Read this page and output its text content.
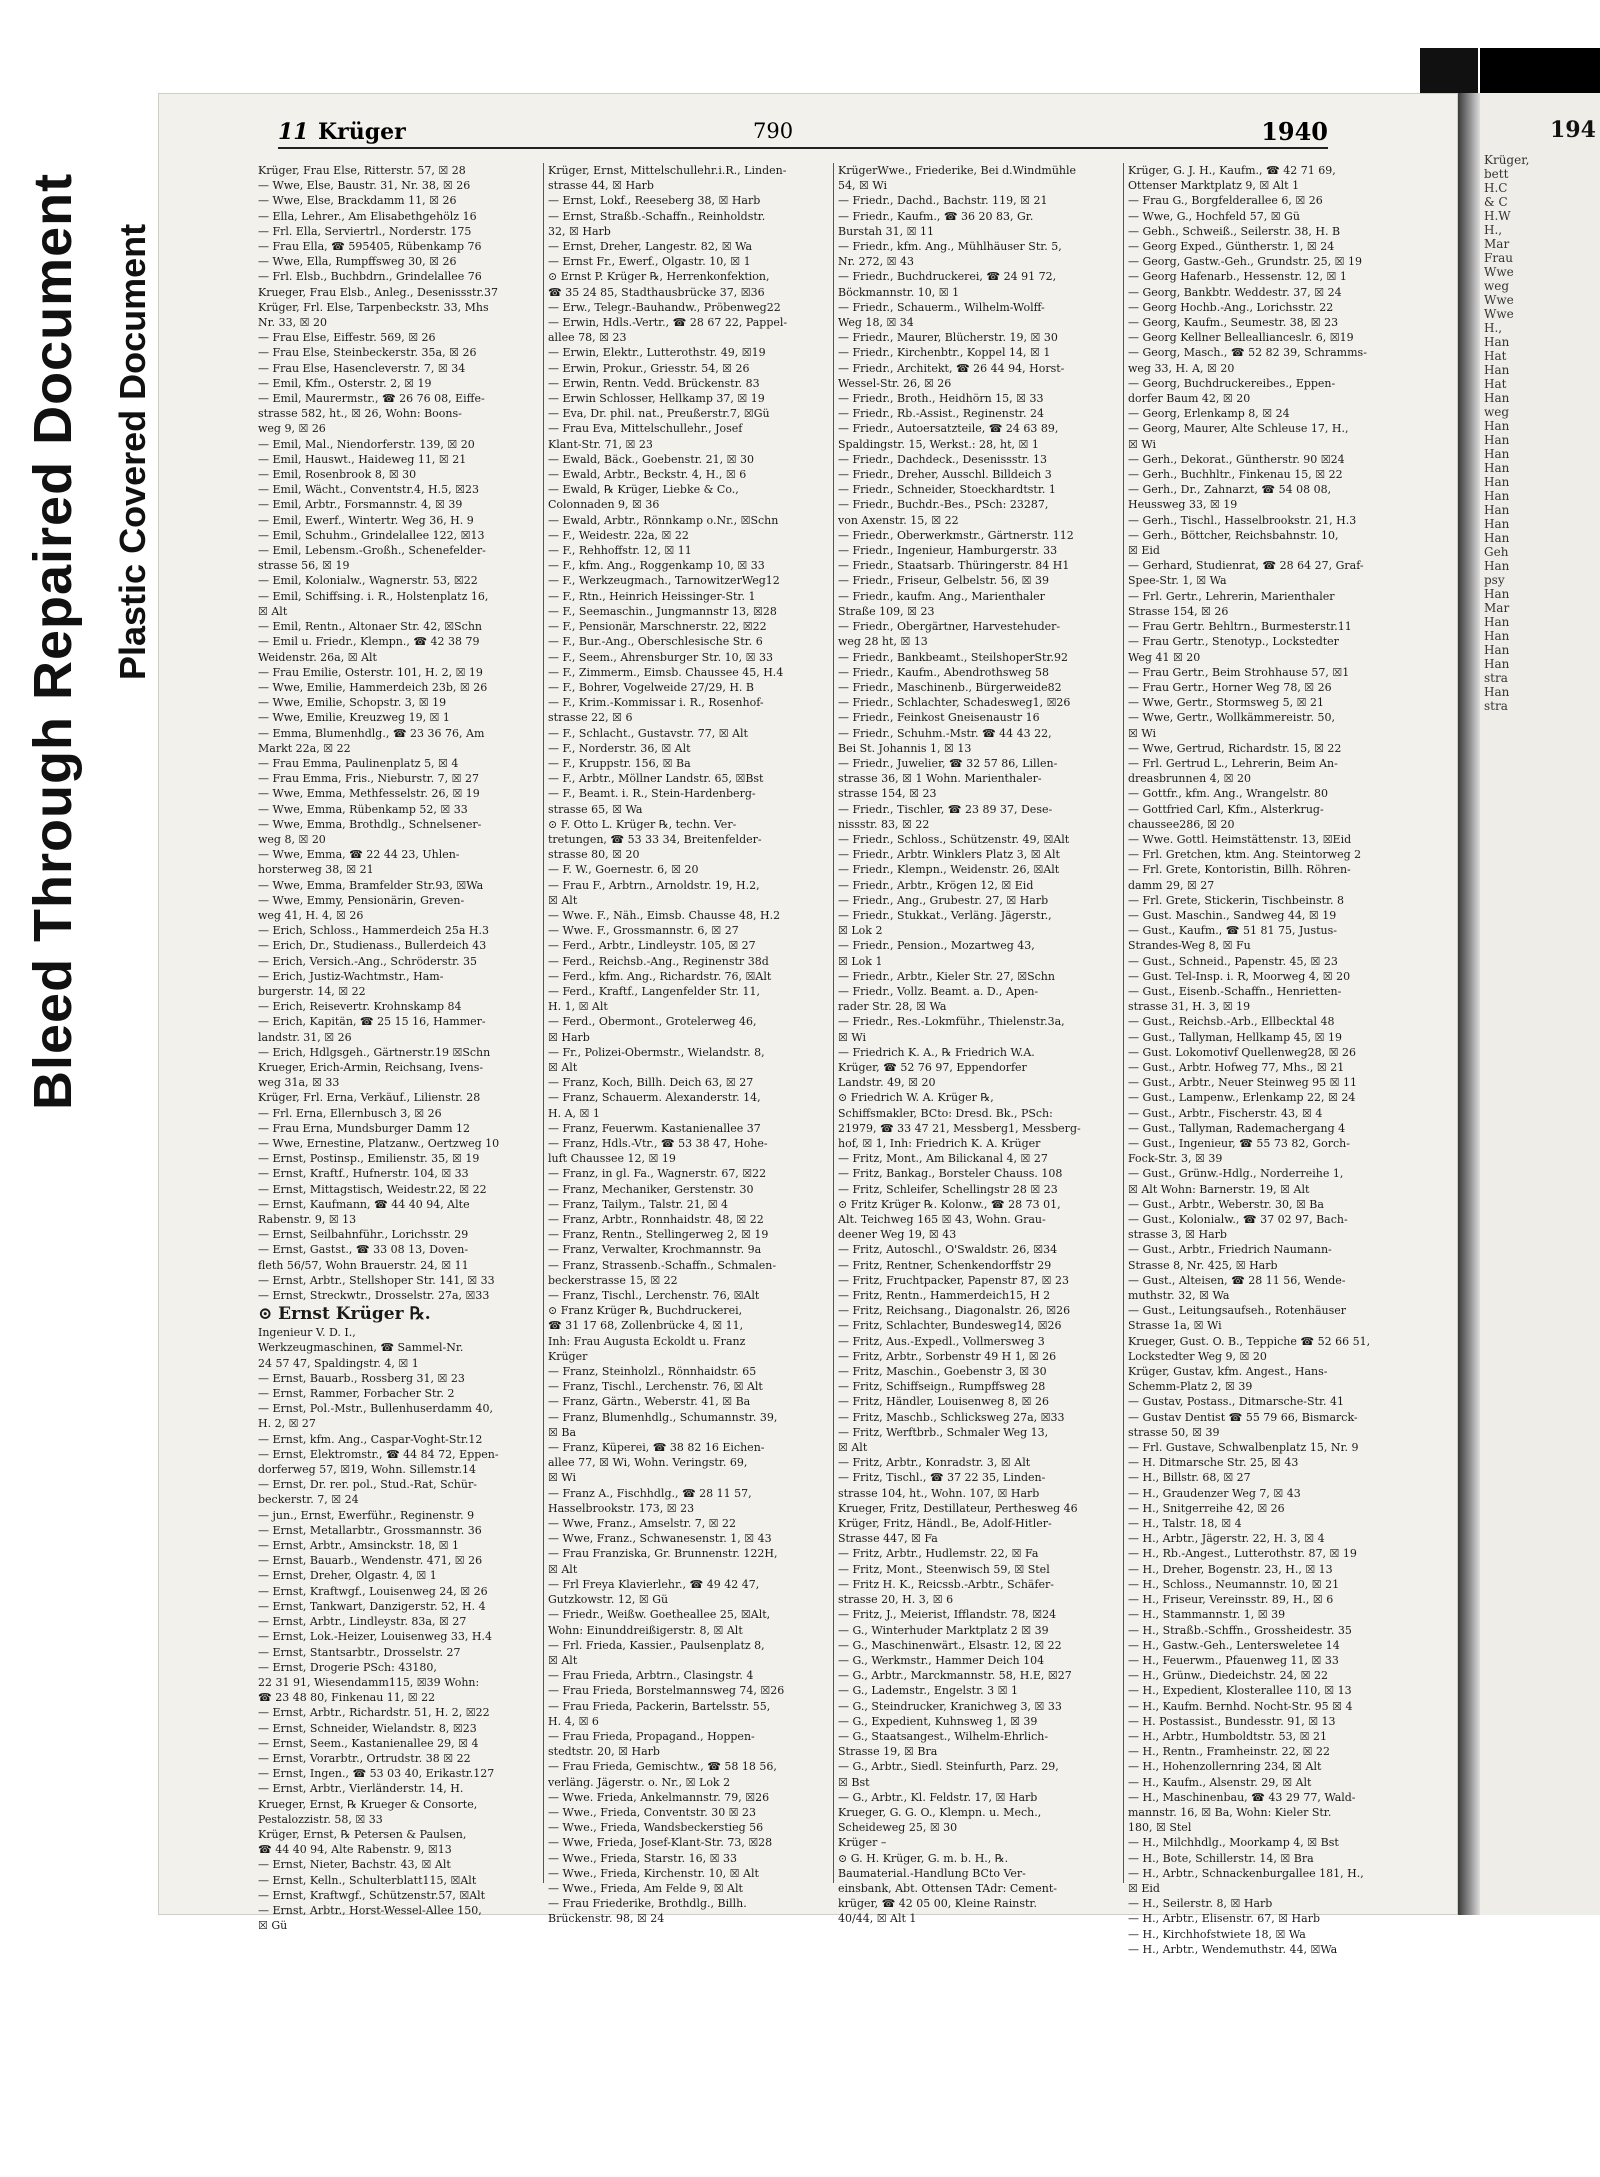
Bleed Through Repaired Document Plastic Covered Document
11 Krüger	790	1940
Krüger, Frau Else, Ritterstr. 57, ☒ 28
— Wwe, Else, Baustr. 31, Nr. 38, ☒ 26
— Wwe, Else, Brackdamm 11, ☒ 26
— Ella, Lehrer., Am Elisabethgehölz 16
— Frl. Ella, Serviertrl., Norderstr. 175
— Frau Ella, ☎ 595405, Rübenkamp 76
— Wwe, Ella, Rumpffsweg 30, ☒ 26
— Frl. Elsb., Buchbdrn., Grindelallee 76
Krueger, Frau Elsb., Anleg., Desenissstr.37
Krüger, Frl. Else, Tarpenbeckstr. 33, Mhs
Nr. 33, ☒ 20
— Frau Else, Eiffestr. 569, ☒ 26
— Frau Else, Steinbeckerstr. 35a, ☒ 26
— Frau Else, Hasencleverstr. 7, ☒ 34
— Emil, Kfm., Osterstr. 2, ☒ 19
— Emil, Maurermstr., ☎ 26 76 08, Eiffe-
strasse 582, ht., ☒ 26, Wohn: Boons-
weg 9, ☒ 26
— Emil, Mal., Niendorferstr. 139, ☒ 20
— Emil, Hauswt., Haideweg 11, ☒ 21
— Emil, Rosenbrook 8, ☒ 30
— Emil, Wächt., Conventstr.4, H.5, ☒23
— Emil, Arbtr., Forsmannstr. 4, ☒ 39
— Emil, Ewerf., Wintertr. Weg 36, H. 9
— Emil, Schuhm., Grindelallee 122, ☒13
— Emil, Lebensm.-Großh., Schenefelder-
strasse 56, ☒ 19
— Emil, Kolonialw., Wagnerstr. 53, ☒22
— Emil, Schiffsing. i. R., Holstenplatz 16,
☒ Alt
— Emil, Rentn., Altonaer Str. 42, ☒Schn
— Emil u. Friedr., Klempn., ☎ 42 38 79
Weidenstr. 26a, ☒ Alt
— Frau Emilie, Osterstr. 101, H. 2, ☒ 19
— Wwe, Emilie, Hammerdeich 23b, ☒ 26
— Wwe, Emilie, Schopstr. 3, ☒ 19
— Wwe, Emilie, Kreuzweg 19, ☒ 1
— Emma, Blumenhdlg., ☎ 23 36 76, Am
Markt 22a, ☒ 22
— Frau Emma, Paulinenplatz 5, ☒ 4
— Frau Emma, Fris., Nieburstr. 7, ☒ 27
— Wwe, Emma, Methfesselstr. 26, ☒ 19
— Wwe, Emma, Rübenkamp 52, ☒ 33
— Wwe, Emma, Brothdlg., Schnelsener-
weg 8, ☒ 20
— Wwe, Emma, ☎ 22 44 23, Uhlen-
horsterweg 38, ☒ 21
— Wwe, Emma, Bramfelder Str.93, ☒Wa
— Wwe, Emmy, Pensionärin, Greven-
weg 41, H. 4, ☒ 26
— Erich, Schloss., Hammerdeich 25a H.3
— Erich, Dr., Studienass., Bullerdeich 43
— Erich, Versich.-Ang., Schröderstr. 35
— Erich, Justiz-Wachtmstr., Ham-
burgerstr. 14, ☒ 22
— Erich, Reisevertr. Krohnskamp 84
— Erich, Kapitän, ☎ 25 15 16, Hammer-
landstr. 31, ☒ 26
— Erich, Hdlgsgeh., Gärtnerstr.19 ☒Schn
Krueger, Erich-Armin, Reichsang, Ivens-
weg 31a, ☒ 33
Krüger, Frl. Erna, Verkäuf., Lilienstr. 28
— Frl. Erna, Ellernbusch 3, ☒ 26
— Frau Erna, Mundsburger Damm 12
— Wwe, Ernestine, Platzanw., Oertzweg 10
— Ernst, Postinsp., Emilienstr. 35, ☒ 19
— Ernst, Kraftf., Hufnerstr. 104, ☒ 33
— Ernst, Mittagstisch, Weidestr.22, ☒ 22
— Ernst, Kaufmann, ☎ 44 40 94, Alte
Rabenstr. 9, ☒ 13
— Ernst, Seilbahnführ., Lorichsstr. 29
— Ernst, Gastst., ☎ 33 08 13, Doven-
fleth 56/57, Wohn Brauerstr. 24, ☒ 11
— Ernst, Arbtr., Stellshoper Str. 141, ☒ 33
— Ernst, Streckwtr., Drosselstr. 27a, ☒33
⊙ Ernst Krüger ℞.
Ingenieur V. D. I.,
Werkzeugmaschinen, ☎ Sammel-Nr.
24 57 47, Spaldingstr. 4, ☒ 1
— Ernst, Bauarb., Rossberg 31, ☒ 23
— Ernst, Rammer, Forbacher Str. 2
— Ernst, Pol.-Mstr., Bullenhuserdamm 40,
H. 2, ☒ 27
— Ernst, kfm. Ang., Caspar-Voght-Str.12
— Ernst, Elektromstr., ☎ 44 84 72, Eppen-
dorferweg 57, ☒19, Wohn. Sillemstr.14
— Ernst, Dr. rer. pol., Stud.-Rat, Schür-
beckerstr. 7, ☒ 24
— jun., Ernst, Ewerführ., Reginenstr. 9
— Ernst, Metallarbtr., Grossmannstr. 36
— Ernst, Arbtr., Amsinckstr. 18, ☒ 1
— Ernst, Bauarb., Wendenstr. 471, ☒ 26
— Ernst, Dreher, Olgastr. 4, ☒ 1
— Ernst, Kraftwgf., Louisenweg 24, ☒ 26
— Ernst, Tankwart, Danzigerstr. 52, H. 4
— Ernst, Arbtr., Lindleystr. 83a, ☒ 27
— Ernst, Lok.-Heizer, Louisenweg 33, H.4
— Ernst, Stantsarbtr., Drosselstr. 27
— Ernst, Drogerie PSch: 43180,
22 31 91, Wiesendamm115, ☒39 Wohn:
☎ 23 48 80, Finkenau 11, ☒ 22
— Ernst, Arbtr., Richardstr. 51, H. 2, ☒22
— Ernst, Schneider, Wielandstr. 8, ☒23
— Ernst, Seem., Kastanienallee 29, ☒ 4
— Ernst, Vorarbtr., Ortrudstr. 38 ☒ 22
— Ernst, Ingen., ☎ 53 03 40, Erikastr.127
— Ernst, Arbtr., Vierländerstr. 14, H.
Krueger, Ernst, ℞ Krueger & Consorte,
Pestalozzistr. 58, ☒ 33
Krüger, Ernst, ℞ Petersen & Paulsen,
☎ 44 40 94, Alte Rabenstr. 9, ☒13
— Ernst, Nieter, Bachstr. 43, ☒ Alt
— Ernst, Kelln., Schulterblatt115, ☒Alt
— Ernst, Kraftwgf., Schützenstr.57, ☒Alt
— Ernst, Arbtr., Horst-Wessel-Allee 150,
☒ Gü
Krüger, Ernst, Mittelschullehr.i.R., Linden-
strasse 44, ☒ Harb
— Ernst, Lokf., Reeseberg 38, ☒ Harb
— Ernst, Straßb.-Schaffn., Reinholdstr.
32, ☒ Harb
— Ernst, Dreher, Langestr. 82, ☒ Wa
— Ernst Fr., Ewerf., Olgastr. 10, ☒ 1
⊙ Ernst P. Krüger ℞, Herrenkonfektion,
☎ 35 24 85, Stadthausbrücke 37, ☒36
— Erw., Telegr.-Bauhandw., Pröbenweg22
— Erwin, Hdls.-Vertr., ☎ 28 67 22, Pappel-
allee 78, ☒ 23
— Erwin, Elektr., Lutterothstr. 49, ☒19
— Erwin, Prokur., Griesstr. 54, ☒ 26
— Erwin, Rentn. Vedd. Brückenstr. 83
— Erwin Schlosser, Hellkamp 37, ☒ 19
— Eva, Dr. phil. nat., Preußerstr.7, ☒Gü
— Frau Eva, Mittelschullehr., Josef
Klant-Str. 71, ☒ 23
— Ewald, Bäck., Goebenstr. 21, ☒ 30
— Ewald, Arbtr., Beckstr. 4, H., ☒ 6
— Ewald, ℞ Krüger, Liebke & Co.,
Colonnaden 9, ☒ 36
— Ewald, Arbtr., Rönnkamp o.Nr., ☒Schn
— F., Weidestr. 22a, ☒ 22
— F., Rehhoffstr. 12, ☒ 11
— F., kfm. Ang., Roggenkamp 10, ☒ 33
— F., Werkzeugmach., TarnowitzerWeg12
— F., Rtn., Heinrich Heissinger-Str. 1
— F., Seemaschin., Jungmannstr 13, ☒28
— F., Pensionär, Marschnerstr. 22, ☒22
— F., Bur.-Ang., Oberschlesische Str. 6
— F., Seem., Ahrensburger Str. 10, ☒ 33
— F., Zimmerm., Eimsb. Chaussee 45, H.4
— F., Bohrer, Vogelweide 27/29, H. B
— F., Krim.-Kommissar i. R., Rosenhof-
strasse 22, ☒ 6
— F., Schlacht., Gustavstr. 77, ☒ Alt
— F., Norderstr. 36, ☒ Alt
— F., Kruppstr. 156, ☒ Ba
— F., Arbtr., Möllner Landstr. 65, ☒Bst
— F., Beamt. i. R., Stein-Hardenberg-
strasse 65, ☒ Wa
⊙ F. Otto L. Krüger ℞, techn. Ver-
tretungen, ☎ 53 33 34, Breitenfelder-
strasse 80, ☒ 20
— F. W., Goernestr. 6, ☒ 20
— Frau F., Arbtrn., Arnoldstr. 19, H.2,
☒ Alt
— Wwe. F., Näh., Eimsb. Chausse 48, H.2
— Wwe. F., Grossmannstr. 6, ☒ 27
— Ferd., Arbtr., Lindleystr. 105, ☒ 27
— Ferd., Reichsb.-Ang., Reginenstr 38d
— Ferd., kfm. Ang., Richardstr. 76, ☒Alt
— Ferd., Kraftf., Langenfelder Str. 11,
H. 1, ☒ Alt
— Ferd., Obermont., Grotelerweg 46,
☒ Harb
— Fr., Polizei-Obermstr., Wielandstr. 8,
☒ Alt
— Franz, Koch, Billh. Deich 63, ☒ 27
— Franz, Schauerm. Alexanderstr. 14,
H. A, ☒ 1
— Franz, Feuerwm. Kastanienallee 37
— Franz, Hdls.-Vtr., ☎ 53 38 47, Hohe-
luft Chaussee 12, ☒ 19
— Franz, in gl. Fa., Wagnerstr. 67, ☒22
— Franz, Mechaniker, Gerstenstr. 30
— Franz, Tailym., Talstr. 21, ☒ 4
— Franz, Arbtr., Ronnhaidstr. 48, ☒ 22
— Franz, Rentn., Stellingerweg 2, ☒ 19
— Franz, Verwalter, Krochmannstr. 9a
— Franz, Strassenb.-Schaffn., Schmalen-
beckerstrasse 15, ☒ 22
— Franz, Tischl., Lerchenstr. 76, ☒Alt
⊙ Franz Krüger ℞, Buchdruckerei,
☎ 31 17 68, Zollenbrücke 4, ☒ 11,
Inh: Frau Augusta Eckoldt u. Franz
Krüger
— Franz, Steinholzl., Rönnhaidstr. 65
— Franz, Tischl., Lerchenstr. 76, ☒ Alt
— Franz, Gärtn., Weberstr. 41, ☒ Ba
— Franz, Blumenhdlg., Schumannstr. 39,
☒ Ba
— Franz, Küperei, ☎ 38 82 16 Eichen-
allee 77, ☒ Wi, Wohn. Veringstr. 69,
☒ Wi
— Franz A., Fischhdlg., ☎ 28 11 57,
Hasselbrookstr. 173, ☒ 23
— Wwe, Franz., Amselstr. 7, ☒ 22
— Wwe, Franz., Schwanesenstr. 1, ☒ 43
— Frau Franziska, Gr. Brunnenstr. 122H,
☒ Alt
— Frl Freya Klavierlehr., ☎ 49 42 47,
Gutzkowstr. 12, ☒ Gü
— Friedr., Weißw. Goetheallee 25, ☒Alt,
Wohn: Einunddreißigerstr. 8, ☒ Alt
— Frl. Frieda, Kassier., Paulsenplatz 8,
☒ Alt
— Frau Frieda, Arbtrn., Clasingstr. 4
— Frau Frieda, Borstelmannsweg 74, ☒26
— Frau Frieda, Packerin, Bartelsstr. 55,
H. 4, ☒ 6
— Frau Frieda, Propagand., Hoppen-
stedtstr. 20, ☒ Harb
— Frau Frieda, Gemischtw., ☎ 58 18 56,
verläng. Jägerstr. o. Nr., ☒ Lok 2
— Wwe. Frieda, Ankelmannstr. 79, ☒26
— Wwe., Frieda, Conventstr. 30 ☒ 23
— Wwe., Frieda, Wandsbeckerstieg 56
— Wwe, Frieda, Josef-Klant-Str. 73, ☒28
— Wwe., Frieda, Starstr. 16, ☒ 33
— Wwe., Frieda, Kirchenstr. 10, ☒ Alt
— Wwe., Frieda, Am Felde 9, ☒ Alt
— Frau Friederike, Brothdlg., Billh.
Brückenstr. 98, ☒ 24
KrügerWwe., Friederike, Bei d.Windmühle
54, ☒ Wi
— Friedr., Dachd., Bachstr. 119, ☒ 21
— Friedr., Kaufm., ☎ 36 20 83, Gr.
Burstah 31, ☒ 11
— Friedr., kfm. Ang., Mühlhäuser Str. 5,
Nr. 272, ☒ 43
— Friedr., Buchdruckerei, ☎ 24 91 72,
Böckmannstr. 10, ☒ 1
— Friedr., Schauerm., Wilhelm-Wolff-
Weg 18, ☒ 34
— Friedr., Maurer, Blücherstr. 19, ☒ 30
— Friedr., Kirchenbtr., Koppel 14, ☒ 1
— Friedr., Architekt, ☎ 26 44 94, Horst-
Wessel-Str. 26, ☒ 26
— Friedr., Broth., Heidhörn 15, ☒ 33
— Friedr., Rb.-Assist., Reginenstr. 24
— Friedr., Autoersatzteile, ☎ 24 63 89,
Spaldingstr. 15, Werkst.: 28, ht, ☒ 1
— Friedr., Dachdeck., Desenissstr. 13
— Friedr., Dreher, Ausschl. Billdeich 3
— Friedr., Schneider, Stoeckhardtstr. 1
— Friedr., Buchdr.-Bes., PSch: 23287,
von Axenstr. 15, ☒ 22
— Friedr., Oberwerkmstr., Gärtnerstr. 112
— Friedr., Ingenieur, Hamburgerstr. 33
— Friedr., Staatsarb. Thüringerstr. 84 H1
— Friedr., Friseur, Gelbelstr. 56, ☒ 39
— Friedr., kaufm. Ang., Marienthaler
Straße 109, ☒ 23
— Friedr., Obergärtner, Harvestehuder-
weg 28 ht, ☒ 13
— Friedr., Bankbeamt., SteilshoperStr.92
— Friedr., Kaufm., Abendrothsweg 58
— Friedr., Maschinenb., Bürgerweide82
— Friedr., Schlachter, Schadesweg1, ☒26
— Friedr., Feinkost Gneisenaustr 16
— Friedr., Schuhm.-Mstr. ☎ 44 43 22,
Bei St. Johannis 1, ☒ 13
— Friedr., Juwelier, ☎ 32 57 86, Lillen-
strasse 36, ☒ 1 Wohn. Marienthaler-
strasse 154, ☒ 23
— Friedr., Tischler, ☎ 23 89 37, Dese-
nissstr. 83, ☒ 22
— Friedr., Schloss., Schützenstr. 49, ☒Alt
— Friedr., Arbtr. Winklers Platz 3, ☒ Alt
— Friedr., Klempn., Weidenstr. 26, ☒Alt
— Friedr., Arbtr., Krögen 12, ☒ Eid
— Friedr., Ang., Grubestr. 27, ☒ Harb
— Friedr., Stukkat., Verläng. Jägerstr.,
☒ Lok 2
— Friedr., Pension., Mozartweg 43,
☒ Lok 1
— Friedr., Arbtr., Kieler Str. 27, ☒Schn
— Friedr., Vollz. Beamt. a. D., Apen-
rader Str. 28, ☒ Wa
— Friedr., Res.-Lokmführ., Thielenstr.3a,
☒ Wi
— Friedrich K. A., ℞ Friedrich W.A.
Krüger, ☎ 52 76 97, Eppendorfer
Landstr. 49, ☒ 20
⊙ Friedrich W. A. Krüger ℞,
Schiffsmakler, BCto: Dresd. Bk., PSch:
21979, ☎ 33 47 21, Messberg1, Messberg-
hof, ☒ 1, Inh: Friedrich K. A. Krüger
— Fritz, Mont., Am Bilickanal 4, ☒ 27
— Fritz, Bankag., Borsteler Chauss. 108
— Fritz, Schleifer, Schellingstr 28 ☒ 23
⊙ Fritz Krüger ℞. Kolonw., ☎ 28 73 01,
Alt. Teichweg 165 ☒ 43, Wohn. Grau-
deener Weg 19, ☒ 43
— Fritz, Autoschl., O'Swaldstr. 26, ☒34
— Fritz, Rentner, Schenkendorffstr 29
— Fritz, Fruchtpacker, Papenstr 87, ☒ 23
— Fritz, Rentn., Hammerdeich15, H 2
— Fritz, Reichsang., Diagonalstr. 26, ☒26
— Fritz, Schlachter, Bundesweg14, ☒26
— Fritz, Aus.-Expedl., Vollmersweg 3
— Fritz, Arbtr., Sorbenstr 49 H 1, ☒ 26
— Fritz, Maschin., Goebenstr 3, ☒ 30
— Fritz, Schiffseign., Rumpffsweg 28
— Fritz, Händler, Louisenweg 8, ☒ 26
— Fritz, Maschb., Schlicksweg 27a, ☒33
— Fritz, Werftbrb., Schmaler Weg 13,
☒ Alt
— Fritz, Arbtr., Konradstr. 3, ☒ Alt
— Fritz, Tischl., ☎ 37 22 35, Linden-
strasse 104, ht., Wohn. 107, ☒ Harb
Krueger, Fritz, Destillateur, Perthesweg 46
Krüger, Fritz, Händl., Be, Adolf-Hitler-
Strasse 447, ☒ Fa
— Fritz, Arbtr., Hudlemstr. 22, ☒ Fa
— Fritz, Mont., Steenwisch 59, ☒ Stel
— Fritz H. K., Reicssb.-Arbtr., Schäfer-
strasse 20, H. 3, ☒ 6
— Fritz, J., Meierist, Ifflandstr. 78, ☒24
— G., Winterhuder Marktplatz 2 ☒ 39
— G., Maschinenwärt., Elsastr. 12, ☒ 22
— G., Werkmstr., Hammer Deich 104
— G., Arbtr., Marckmannstr. 58, H.E, ☒27
— G., Lademstr., Engelstr. 3 ☒ 1
— G., Steindrucker, Kranichweg 3, ☒ 33
— G., Expedient, Kuhnsweg 1, ☒ 39
— G., Staatsangest., Wilhelm-Ehrlich-
Strasse 19, ☒ Bra
— G., Arbtr., Siedl. Steinfurth, Parz. 29,
☒ Bst
— G., Arbtr., Kl. Feldstr. 17, ☒ Harb
Krueger, G. G. O., Klempn. u. Mech.,
Scheideweg 25, ☒ 30
Krüger –
⊙ G. H. Krüger, G. m. b. H., ℞.
Baumaterial.-Handlung BCto Ver-
einsbank, Abt. Ottensen TAdr: Cement-
krüger, ☎ 42 05 00, Kleine Rainstr.
40/44, ☒ Alt 1
Krüger, G. J. H., Kaufm., ☎ 42 71 69,
Ottenser Marktplatz 9, ☒ Alt 1
— Frau G., Borgfelderallee 6, ☒ 26
— Wwe, G., Hochfeld 57, ☒ Gü
— Gebh., Schweiß., Seilerstr. 38, H. B
— Georg Exped., Güntherstr. 1, ☒ 24
— Georg, Gastw.-Geh., Grundstr. 25, ☒ 19
— Georg Hafenarb., Hessenstr. 12, ☒ 1
— Georg, Bankbtr. Weddestr. 37, ☒ 24
— Georg Hochb.-Ang., Lorichsstr. 22
— Georg, Kaufm., Seumestr. 38, ☒ 23
— Georg Kellner Belleallianceslr. 6, ☒19
— Georg, Masch., ☎ 52 82 39, Schramms-
weg 33, H. A, ☒ 20
— Georg, Buchdruckereibes., Eppen-
dorfer Baum 42, ☒ 20
— Georg, Erlenkamp 8, ☒ 24
— Georg, Maurer, Alte Schleuse 17, H.,
☒ Wi
— Gerh., Dekorat., Güntherstr. 90 ☒24
— Gerh., Buchhltr., Finkenau 15, ☒ 22
— Gerh., Dr., Zahnarzt, ☎ 54 08 08,
Heussweg 33, ☒ 19
— Gerh., Tischl., Hasselbrookstr. 21, H.3
— Gerh., Böttcher, Reichsbahnstr. 10,
☒ Eid
— Gerhard, Studienrat, ☎ 28 64 27, Graf-
Spee-Str. 1, ☒ Wa
— Frl. Gertr., Lehrerin, Marienthaler
Strasse 154, ☒ 26
— Frau Gertr. Behltrn., Burmesterstr.11
— Frau Gertr., Stenotyp., Lockstedter
Weg 41 ☒ 20
— Frau Gertr., Beim Strohhause 57, ☒1
— Frau Gertr., Horner Weg 78, ☒ 26
— Wwe, Gertr., Stormsweg 5, ☒ 21
— Wwe, Gertr., Wollkämmereistr. 50,
☒ Wi
— Wwe, Gertrud, Richardstr. 15, ☒ 22
— Frl. Gertrud L., Lehrerin, Beim An-
dreasbrunnen 4, ☒ 20
— Gottfr., kfm. Ang., Wrangelstr. 80
— Gottfried Carl, Kfm., Alsterkrug-
chaussee286, ☒ 20
— Wwe. Gottl. Heimstättenstr. 13, ☒Eid
— Frl. Gretchen, ktm. Ang. Steintorweg 2
— Frl. Grete, Kontoristin, Billh. Röhren-
damm 29, ☒ 27
— Frl. Grete, Stickerin, Tischbeinstr. 8
— Gust. Maschin., Sandweg 44, ☒ 19
— Gust., Kaufm., ☎ 51 81 75, Justus-
Strandes-Weg 8, ☒ Fu
— Gust., Schneid., Papenstr. 45, ☒ 23
— Gust. Tel-Insp. i. R, Moorweg 4, ☒ 20
— Gust., Eisenb.-Schaffn., Henrietten-
strasse 31, H. 3, ☒ 19
— Gust., Reichsb.-Arb., Ellbecktal 48
— Gust., Tallyman, Hellkamp 45, ☒ 19
— Gust. Lokomotivf Quellenweg28, ☒ 26
— Gust., Arbtr. Hofweg 77, Mhs., ☒ 21
— Gust., Arbtr., Neuer Steinweg 95 ☒ 11
— Gust., Lampenw., Erlenkamp 22, ☒ 24
— Gust., Arbtr., Fischerstr. 43, ☒ 4
— Gust., Tallyman, Rademachergang 4
— Gust., Ingenieur, ☎ 55 73 82, Gorch-
Fock-Str. 3, ☒ 39
— Gust., Grünw.-Hdlg., Norderreihe 1,
☒ Alt Wohn: Barnerstr. 19, ☒ Alt
— Gust., Arbtr., Weberstr. 30, ☒ Ba
— Gust., Kolonialw., ☎ 37 02 97, Bach-
strasse 3, ☒ Harb
— Gust., Arbtr., Friedrich Naumann-
Strasse 8, Nr. 425, ☒ Harb
— Gust., Alteisen, ☎ 28 11 56, Wende-
muthstr. 32, ☒ Wa
— Gust., Leitungsaufseh., Rotenhäuser
Strasse 1a, ☒ Wi
Krueger, Gust. O. B., Teppiche ☎ 52 66 51,
Lockstedter Weg 9, ☒ 20
Krüger, Gustav, kfm. Angest., Hans-
Schemm-Platz 2, ☒ 39
— Gustav, Postass., Ditmarsche-Str. 41
— Gustav Dentist ☎ 55 79 66, Bismarck-
strasse 50, ☒ 39
— Frl. Gustave, Schwalbenplatz 15, Nr. 9
— H. Ditmarsche Str. 25, ☒ 43
— H., Billstr. 68, ☒ 27
— H., Graudenzer Weg 7, ☒ 43
— H., Snitgerreihe 42, ☒ 26
— H., Talstr. 18, ☒ 4
— H., Arbtr., Jägerstr. 22, H. 3, ☒ 4
— H., Rb.-Angest., Lutterothstr. 87, ☒ 19
— H., Dreher, Bogenstr. 23, H., ☒ 13
— H., Schloss., Neumannstr. 10, ☒ 21
— H., Friseur, Vereinsstr. 89, H., ☒ 6
— H., Stammannstr. 1, ☒ 39
— H., Straßb.-Schffn., Grossheidestr. 35
— H., Gastw.-Geh., Lentersweletee 14
— H., Feuerwm., Pfauenweg 11, ☒ 33
— H., Grünw., Diedeichstr. 24, ☒ 22
— H., Expedient, Klosterallee 110, ☒ 13
— H., Kaufm. Bernhd. Nocht-Str. 95 ☒ 4
— H. Postassist., Bundesstr. 91, ☒ 13
— H., Arbtr., Humboldtstr. 53, ☒ 21
— H., Rentn., Framheinstr. 22, ☒ 22
— H., Hohenzollernring 234, ☒ Alt
— H., Kaufm., Alsenstr. 29, ☒ Alt
— H., Maschinenbau, ☎ 43 29 77, Wald-
mannstr. 16, ☒ Ba, Wohn: Kieler Str.
180, ☒ Stel
— H., Milchhdlg., Moorkamp 4, ☒ Bst
— H., Bote, Schillerstr. 14, ☒ Bra
— H., Arbtr., Schnackenburgallee 181, H.,
☒ Eid
— H., Seilerstr. 8, ☒ Harb
— H., Arbtr., Elisenstr. 67, ☒ Harb
— H., Kirchhofstwiete 18, ☒ Wa
— H., Arbtr., Wendemuthstr. 44, ☒Wa
194
Krüger,
bett
H.C
& C
H.W
H.,
Mar
Frau
Wwe
weg
Wwe
Wwe
H.,
Han
Hat
Han
Hat
Han
weg
Han
Han
Han
Han
Han
Han
Han
Han
Han
Geh
Han
psy
Han
Mar
Han
Han
Han
Han
stra
Han
stra
